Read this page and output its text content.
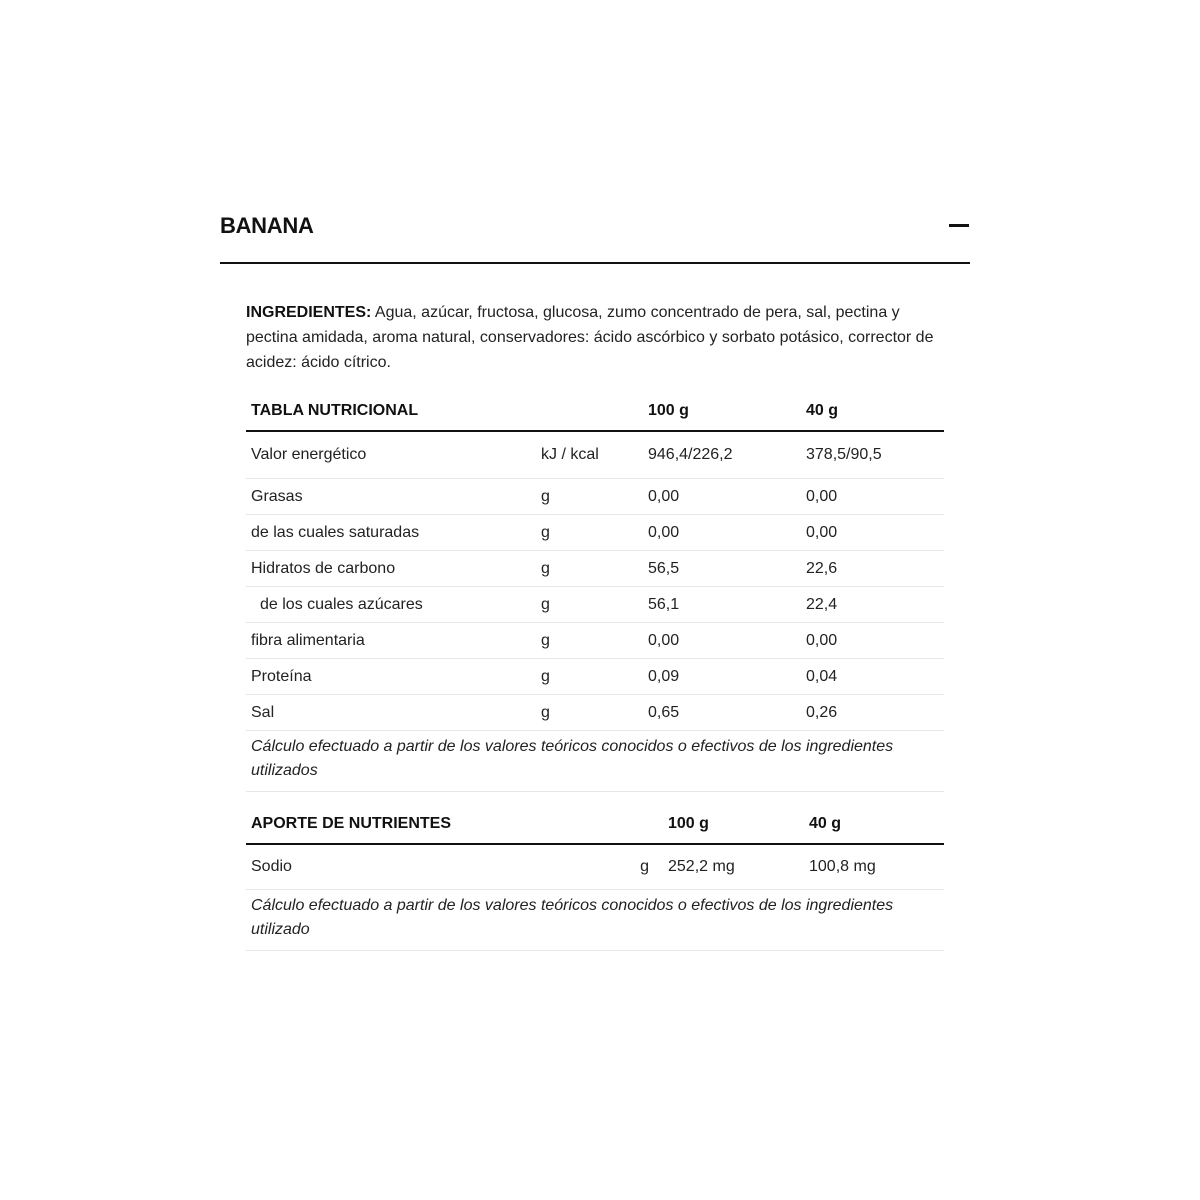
BANANA

INGREDIENTES: Agua, azúcar, fructosa, glucosa, zumo concentrado de pera, sal, pectina y pectina amidada, aroma natural, conservadores: ácido ascórbico y sorbato potásico, corrector de acidez: ácido cítrico.

TABLA NUTRICIONAL		100 g	40 g
Valor energético	kJ / kcal	946,4/226,2	378,5/90,5
Grasas	g	0,00	0,00
de las cuales saturadas	g	0,00	0,00
Hidratos de carbono	g	56,5	22,6
de los cuales azúcares	g	56,1	22,4
fibra alimentaria	g	0,00	0,00
Proteína	g	0,09	0,04
Sal	g	0,65	0,26
Cálculo efectuado a partir de los valores teóricos conocidos o efectivos de los ingredientes utilizados			
APORTE DE NUTRIENTES		100 g	40 g
Sodio	g	252,2 mg	100,8 mg
Cálculo efectuado a partir de los valores teóricos conocidos o efectivos de los ingredientes utilizado			
